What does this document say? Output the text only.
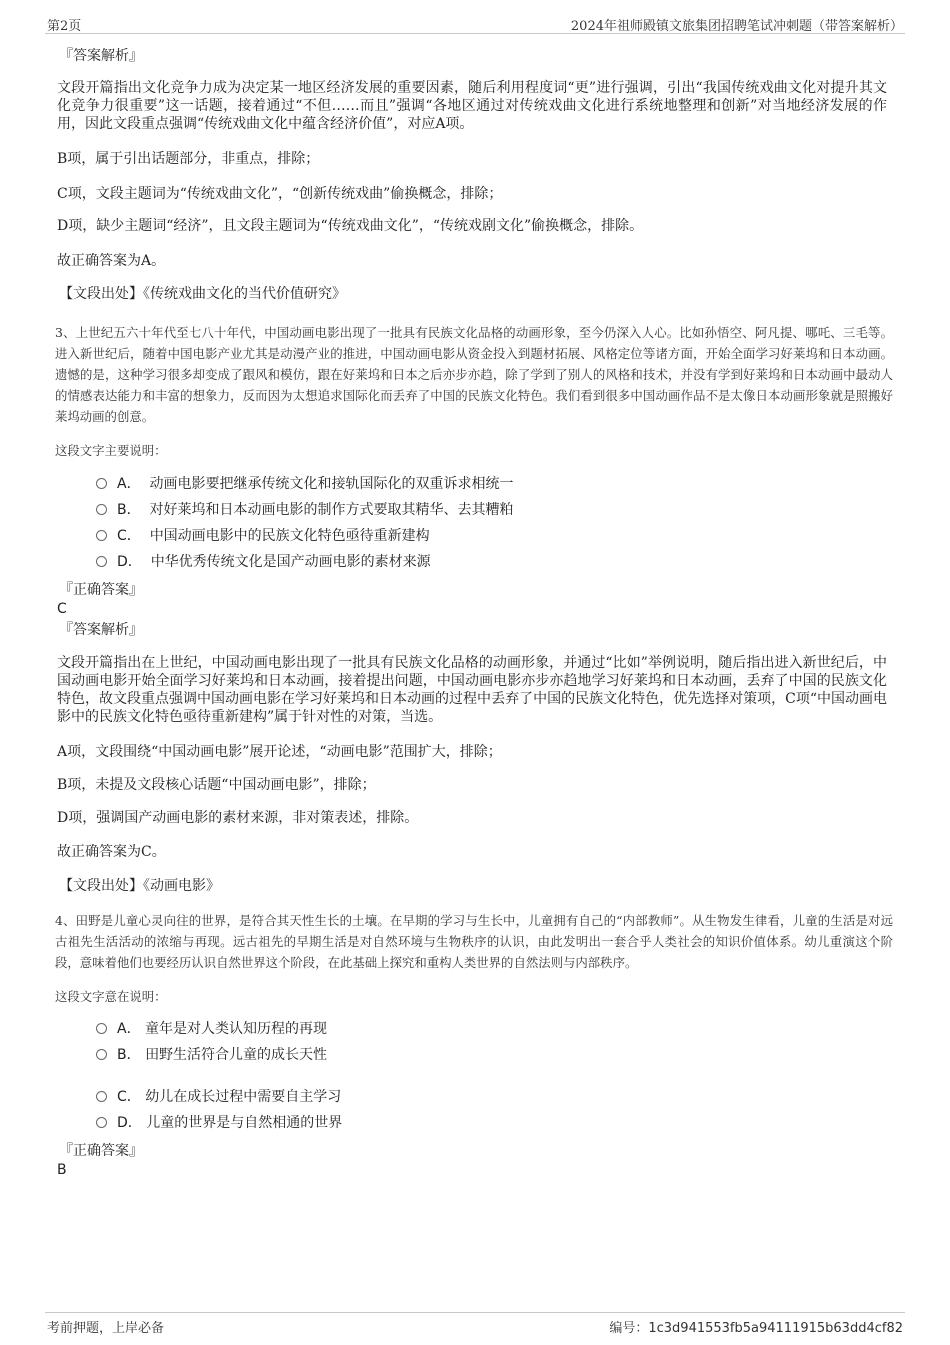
第2页	2024年祖师殿镇文旅集团招聘笔试冲刺题（带答案解析）
『答案解析』
文段开篇指出文化竞争力成为决定某一地区经济发展的重要因素，随后利用程度词“更”进行强调，引出“我国传统戏曲文化对提升其文化竞争力很重要”这一话题，接着通过“不但……而且”强调“各地区通过对传统戏曲文化进行系统地整理和创新”对当地经济发展的作用，因此文段重点强调“传统戏曲文化中蕴含经济价值”，对应A项。
B项，属于引出话题部分，非重点，排除；
C项，文段主题词为“传统戏曲文化”，“创新传统戏曲”偷换概念，排除；
D项，缺少主题词“经济”，且文段主题词为“传统戏曲文化”，“传统戏剧文化”偷换概念，排除。
故正确答案为A。
【文段出处】《传统戏曲文化的当代价值研究》
3、上世纪五六十年代至七八十年代，中国动画电影出现了一批具有民族文化品格的动画形象，至今仍深入人心。比如孙悟空、阿凡提、哪吒、三毛等。进入新世纪后，随着中国电影产业尤其是动漫产业的推进，中国动画电影从资金投入到题材拓展、风格定位等诸方面，开始全面学习好莱坞和日本动画。遗憾的是，这种学习很多却变成了跟风和模仿，跟在好莱坞和日本之后亦步亦趋，除了学到了别人的风格和技术，并没有学到好莱坞和日本动画中最动人的情感表达能力和丰富的想象力，反而因为太想追求国际化而丢弃了中国的民族文化特色。我们看到很多中国动画作品不是太像日本动画形象就是照搬好莱坞动画的创意。
这段文字主要说明：
A． 动画电影要把继承传统文化和接轨国际化的双重诉求相统一
B． 对好莱坞和日本动画电影的制作方式要取其精华、去其糟粕
C． 中国动画电影中的民族文化特色亟待重新建构
D． 中华优秀传统文化是国产动画电影的素材来源
『正确答案』
C
『答案解析』
文段开篇指出在上世纪，中国动画电影出现了一批具有民族文化品格的动画形象，并通过“比如”举例说明，随后指出进入新世纪后，中国动画电影开始全面学习好莱坞和日本动画，接着提出问题，中国动画电影亦步亦趋地学习好莱坞和日本动画，丢弃了中国的民族文化特色，故文段重点强调中国动画电影在学习好莱坞和日本动画的过程中丢弃了中国的民族文化特色，优先选择对策项，C项“中国动画电影中的民族文化特色亟待重新建构”属于针对性的对策，当选。
A项，文段围绕“中国动画电影”展开论述，“动画电影”范围扩大，排除；
B项，未提及文段核心话题“中国动画电影”，排除；
D项，强调国产动画电影的素材来源，非对策表述，排除。
故正确答案为C。
【文段出处】《动画电影》
4、田野是儿童心灵向往的世界，是符合其天性生长的土壤。在早期的学习与生长中，儿童拥有自己的“内部教师”。从生物发生律看，儿童的生活是对远古祖先生活活动的浓缩与再现。远古祖先的早期生活是对自然环境与生物秩序的认识，由此发明出一套合乎人类社会的知识价值体系。幼儿重演这个阶段，意味着他们也要经历认识自然世界这个阶段，在此基础上探究和重构人类世界的自然法则与内部秩序。
这段文字意在说明：
A． 童年是对人类认知历程的再现
B． 田野生活符合儿童的成长天性
C． 幼儿在成长过程中需要自主学习
D． 儿童的世界是与自然相通的世界
『正确答案』
B
考前押题，上岸必备	编号：1c3d941553fb5a94111915b63dd4cf82
